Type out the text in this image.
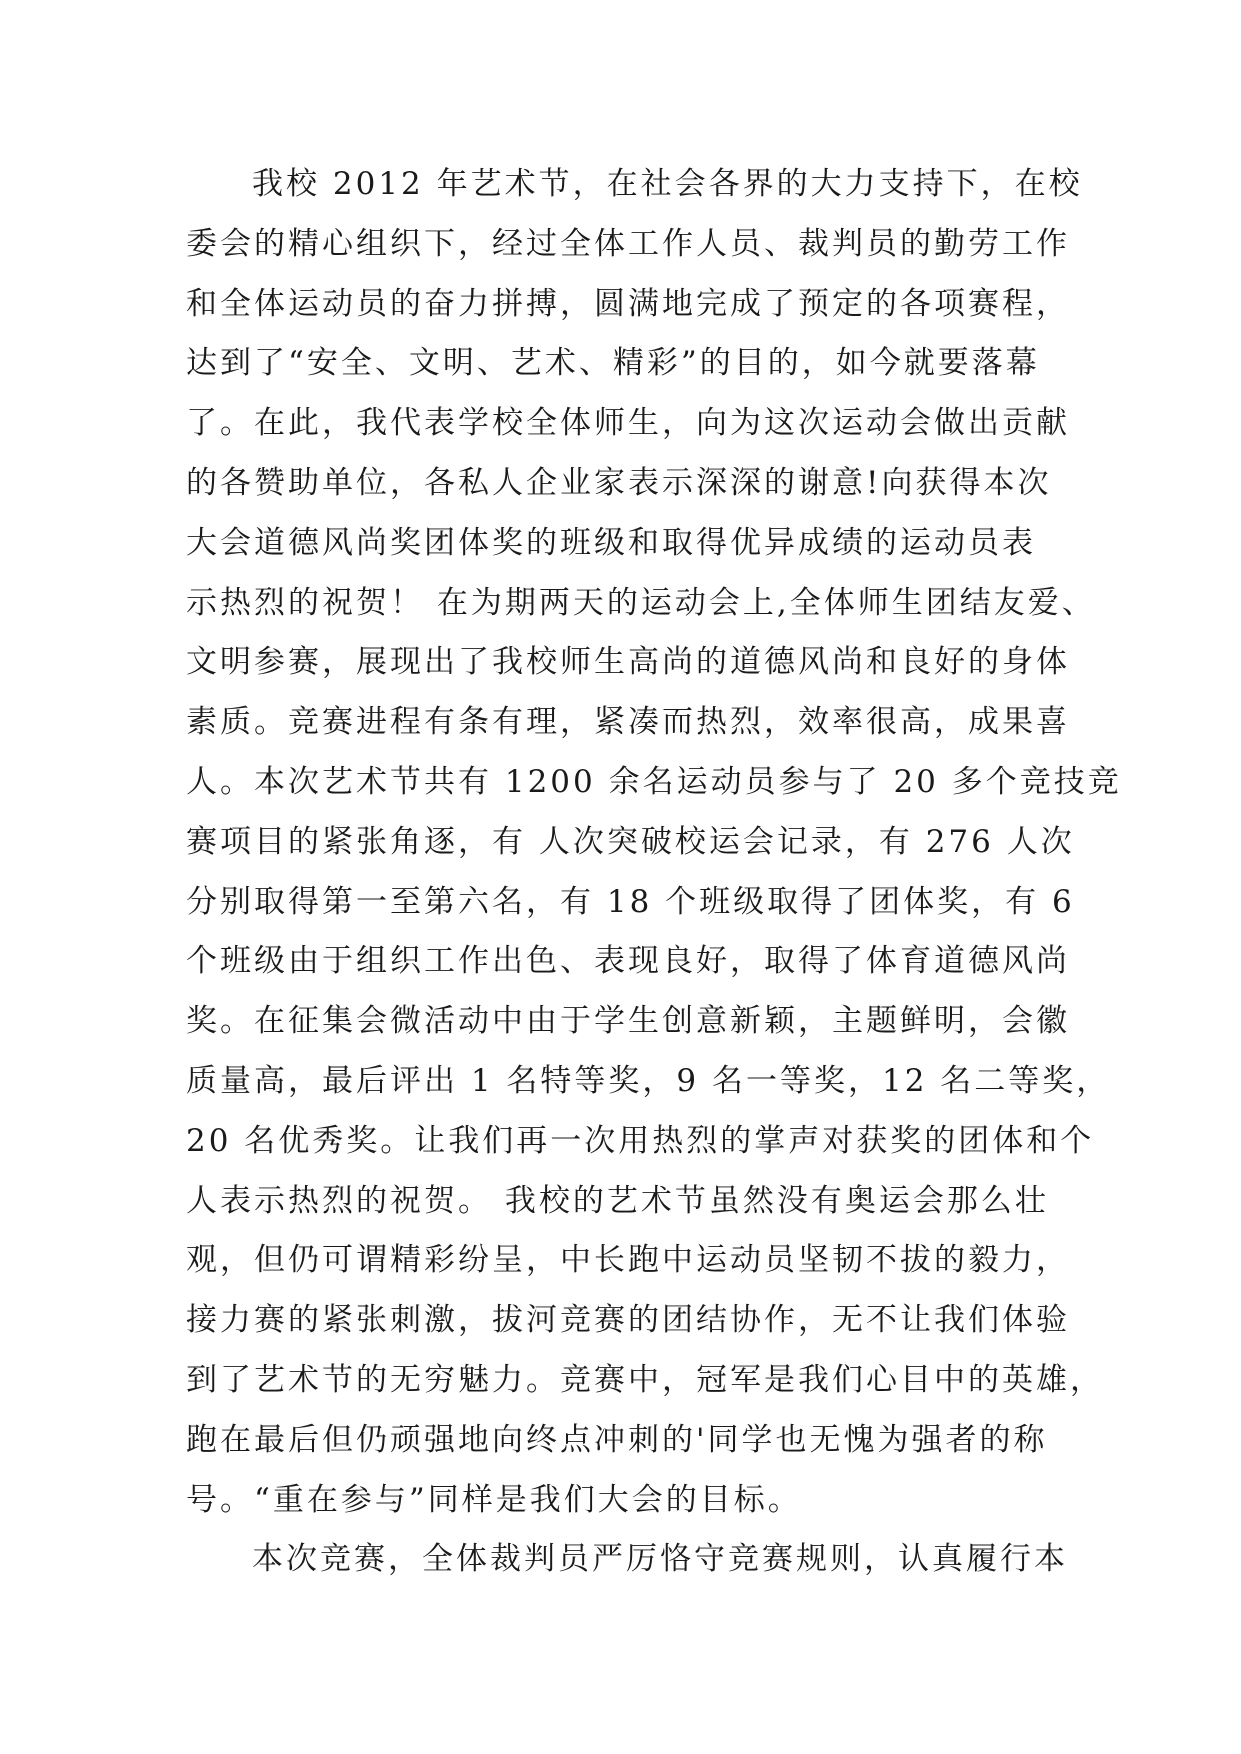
我校 2012 年艺术节，在社会各界的大力支持下，在校
委会的精心组织下，经过全体工作人员、裁判员的勤劳工作
和全体运动员的奋力拼搏，圆满地完成了预定的各项赛程，
达到了“安全、文明、艺术、精彩”的目的，如今就要落幕
了。在此，我代表学校全体师生，向为这次运动会做出贡献
的各赞助单位，各私人企业家表示深深的谢意!向获得本次
大会道德风尚奖团体奖的班级和取得优异成绩的运动员表
示热烈的祝贺！ 在为期两天的运动会上,全体师生团结友爱、
文明参赛，展现出了我校师生高尚的道德风尚和良好的身体
素质。竞赛进程有条有理，紧凑而热烈，效率很高，成果喜
人。本次艺术节共有 1200 余名运动员参与了 20 多个竞技竞
赛项目的紧张角逐，有 人次突破校运会记录，有 276 人次
分别取得第一至第六名，有 18 个班级取得了团体奖，有 6
个班级由于组织工作出色、表现良好，取得了体育道德风尚
奖。在征集会微活动中由于学生创意新颖，主题鲜明，会徽
质量高，最后评出 1 名特等奖，9 名一等奖，12 名二等奖，
20 名优秀奖。让我们再一次用热烈的掌声对获奖的团体和个
人表示热烈的祝贺。 我校的艺术节虽然没有奥运会那么壮
观，但仍可谓精彩纷呈，中长跑中运动员坚韧不拔的毅力，
接力赛的紧张刺激，拔河竞赛的团结协作，无不让我们体验
到了艺术节的无穷魅力。竞赛中，冠军是我们心目中的英雄，
跑在最后但仍顽强地向终点冲刺的'同学也无愧为强者的称
号。“重在参与”同样是我们大会的目标。
本次竞赛，全体裁判员严厉恪守竞赛规则，认真履行本
